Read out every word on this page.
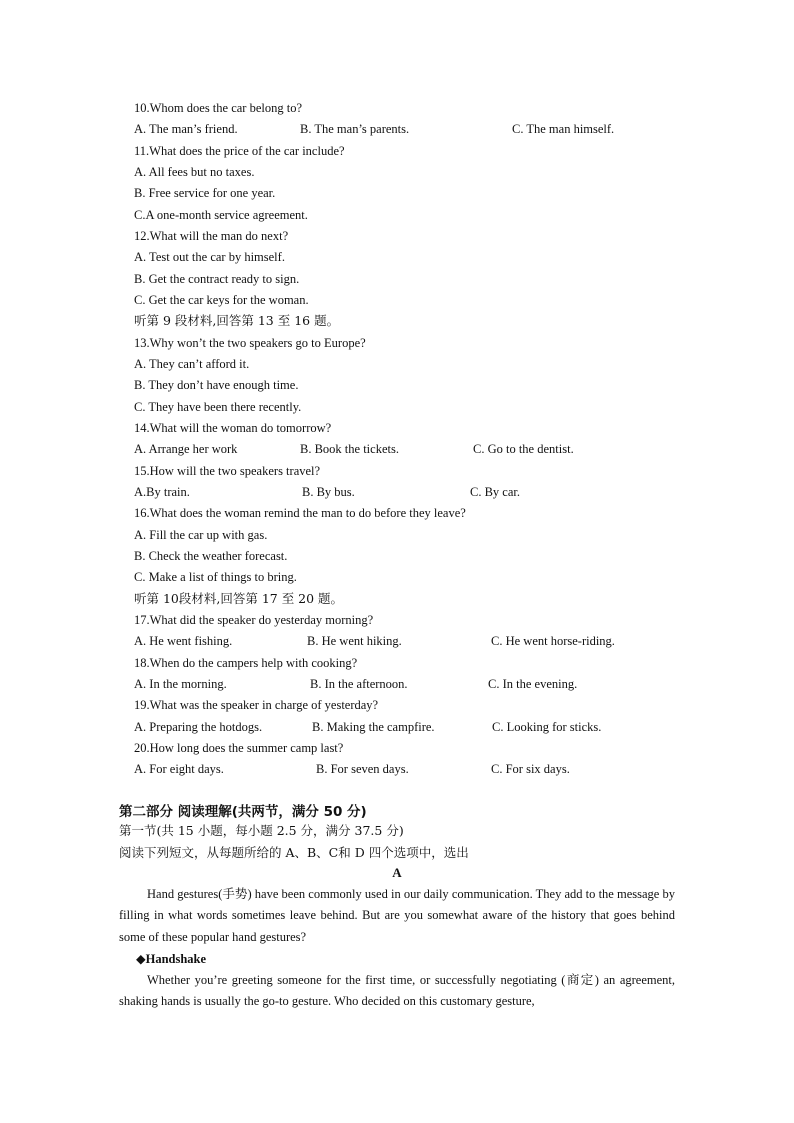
10.Whom does the car belong to?
A. The man’s friend.	B. The man’s parents.	C. The man himself.
11.What does the price of the car include?
A. All fees but no taxes.
B. Free service for one year.
C.A one-month service agreement.
12.What will the man do next?
A. Test out the car by himself.
B. Get the contract ready to sign.
C. Get the car keys for the woman.
听第 9 段材料,回答第 13 至 16 题。
13.Why won’t the two speakers go to Europe?
A. They can’t afford it.
B. They don’t have enough time.
C. They have been there recently.
14.What will the woman do tomorrow?
A. Arrange her work	B. Book the tickets.	C. Go to the dentist.
15.How will the two speakers travel?
A.By train.	B. By bus.	C. By car.
16.What does the woman remind the man to do before they leave?
A. Fill the car up with gas.
B. Check the weather forecast.
C. Make a list of things to bring.
听第 10段材料,回答第 17 至 20 题。
17.What did the speaker do yesterday morning?
A. He went fishing.	B. He went hiking.	C. He went horse-riding.
18.When do the campers help with cooking?
A. In the morning.	B. In the afternoon.	C. In the evening.
19.What was the speaker in charge of yesterday?
A. Preparing the hotdogs.	B. Making the campfire.	C. Looking for sticks.
20.How long does the summer camp last?
A. For eight days.	B. For seven days.	C. For six days.
第二部分 阅读理解(共两节，满分 50 分)
第一节(共 15 小题，每小题 2.5 分，满分 37.5 分)
阅读下列短文，从每题所给的 A、B、C和 D 四个选项中，选出
A
Hand gestures(手势) have been commonly used in our daily communication. They add to the message by filling in what words sometimes leave behind. But are you somewhat aware of the history that goes behind some of these popular hand gestures?
◆Handshake
Whether you’re greeting someone for the first time, or successfully negotiating (商定) an agreement, shaking hands is usually the go-to gesture. Who decided on this customary gesture,
